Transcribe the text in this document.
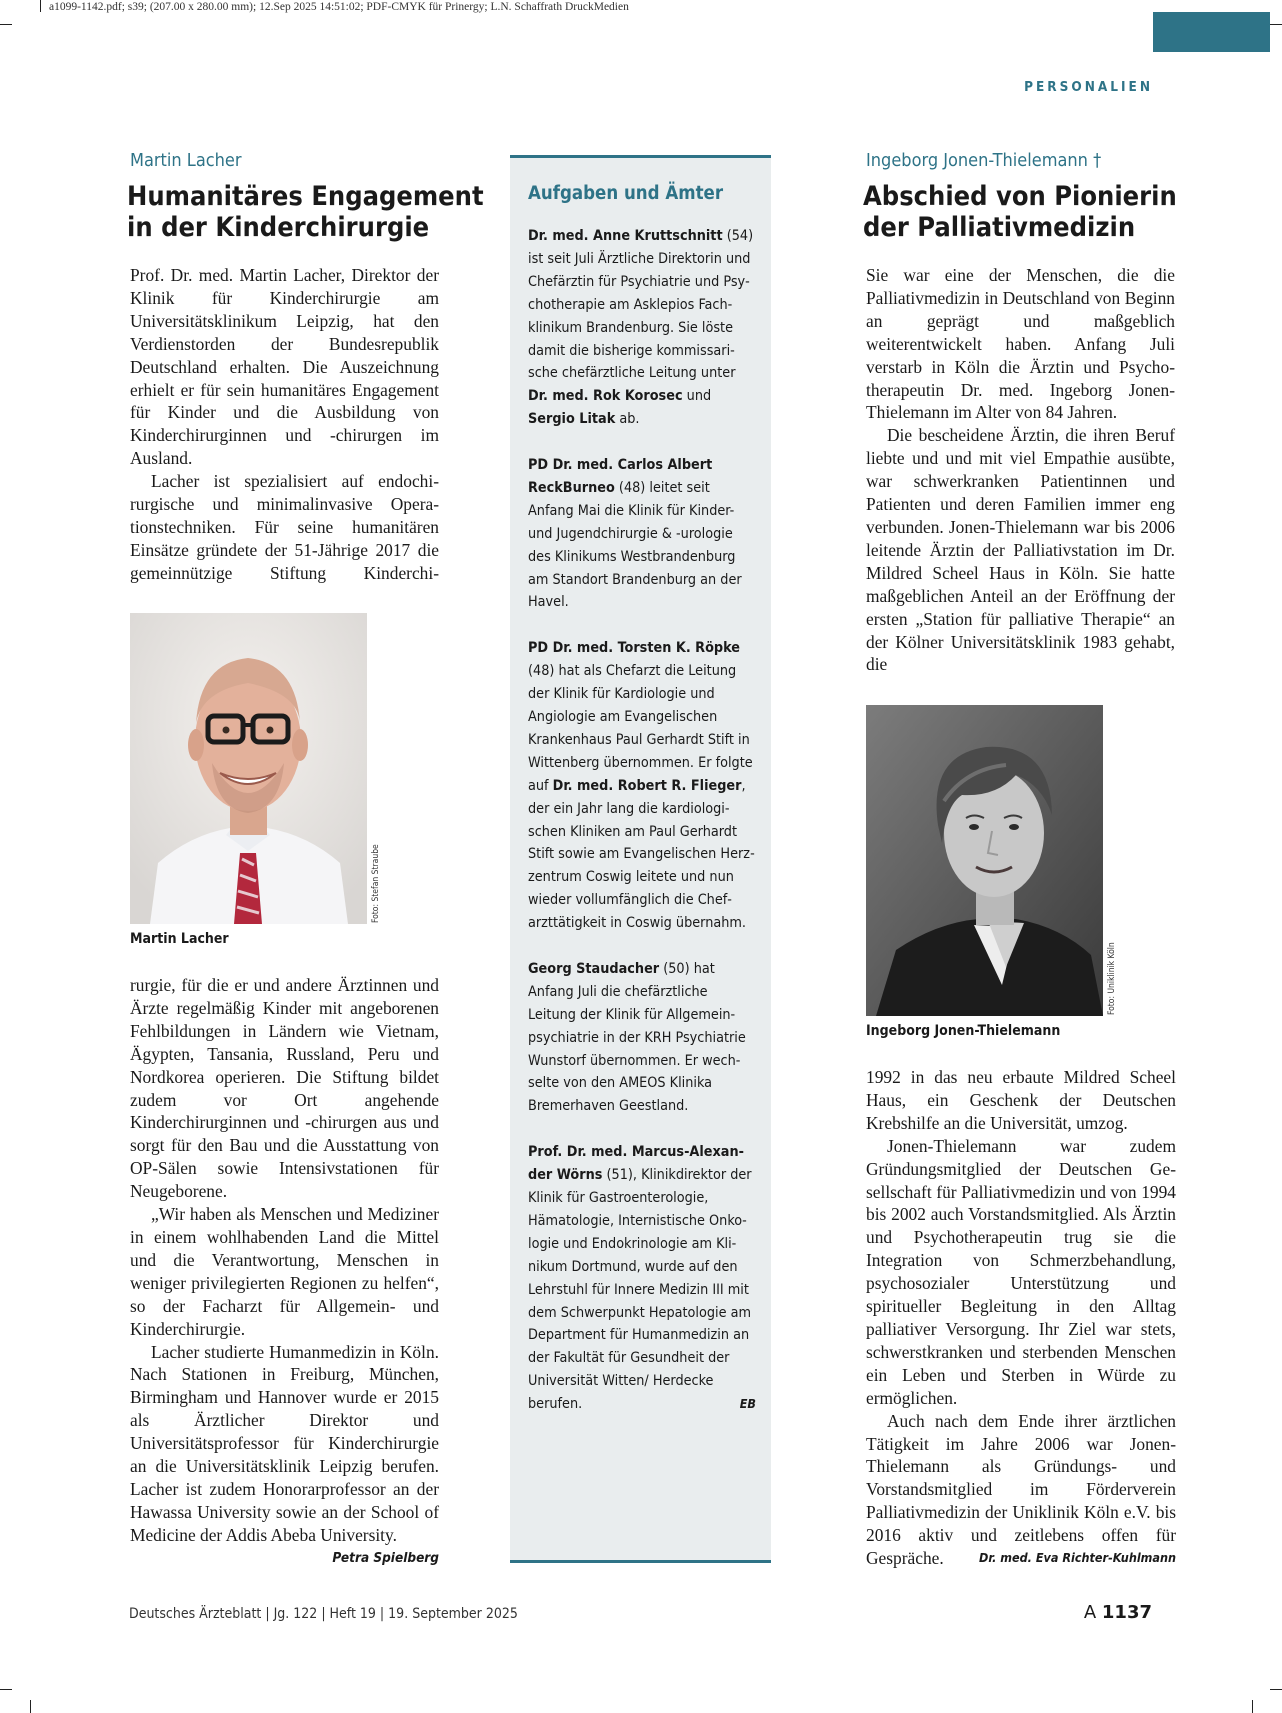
a1099-1142.pdf; s39; (207.00 x 280.00 mm); 12.Sep 2025 14:51:02; PDF-CMYK für Prinergy; L.N. Schaffrath DruckMedien
PERSONALIEN
Martin Lacher
Humanitäres Engagement
in der Kinderchirurgie

Prof. Dr. med. Martin Lacher, Direktor der Klinik für Kinderchirurgie am Universitätsklinikum Leipzig, hat den Verdienstorden der Bundesrepublik Deutschland erhalten. Die Auszeichnung erhielt er für sein humanitäres Engagement für Kinder und die Ausbildung von Kinderchirurginnen und -chirurgen im Ausland.

Lacher ist spezialisiert auf endochirurgische und minimalinvasive Operationstechniken. Für seine humanitären Einsätze gründete der 51-Jährige 2017 die gemeinnützige Stiftung Kinderchi-

Foto: Stefan Straube
Martin Lacher

rurgie, für die er und andere Ärztinnen und Ärzte regelmäßig Kinder mit angeborenen Fehlbildungen in Ländern wie Vietnam, Ägypten, Tansania, Russland, Peru und Nordkorea operieren. Die Stiftung bildet zudem vor Ort angehende Kinderchirurginnen und -chirurgen aus und sorgt für den Bau und die Ausstattung von OP-Sälen sowie Intensivstationen für Neugeborene.

„Wir haben als Menschen und Mediziner in einem wohlhabenden Land die Mittel und die Verantwortung, Menschen in weniger privilegierten Regionen zu helfen“, so der Facharzt für Allgemein- und Kinderchirurgie.

Lacher studierte Humanmedizin in Köln. Nach Stationen in Freiburg, München, Birmingham und Hannover wurde er 2015 als Ärztlicher Direktor und Universitätsprofessor für Kinderchirurgie an die Universitätsklinik Leipzig berufen. Lacher ist zudem Honorarprofessor an der Hawassa University sowie an der School of Medicine der Addis Abeba University.
Petra Spielberg

Aufgaben und Ämter

Dr. med. Anne Kruttschnitt (54) ist seit Juli Ärztliche Direktorin und Chefärztin für Psychiatrie und Psychotherapie am Asklepios Fachklinikum Brandenburg. Sie löste damit die bisherige kommissarische chefärztliche Leitung unter Dr. med. Rok Korosec und Sergio Litak ab.

PD Dr. med. Carlos Albert ReckBurneo (48) leitet seit Anfang Mai die Klinik für Kinder- und Jugendchirurgie & -urologie des Klinikums Westbrandenburg am Standort Brandenburg an der Havel.

PD Dr. med. Torsten K. Röpke (48) hat als Chefarzt die Leitung der Klinik für Kardiologie und Angiologie am Evangelischen Krankenhaus Paul Gerhardt Stift in Wittenberg übernommen. Er folgte auf Dr. med. Robert R. Flieger, der ein Jahr lang die kardiologischen Kliniken am Paul Gerhardt Stift sowie am Evangelischen Herzzentrum Coswig leitete und nun wieder vollumfänglich die Chefarzttätigkeit in Coswig übernahm.

Georg Staudacher (50) hat Anfang Juli die chefärztliche Leitung der Klinik für Allgemeinpsychiatrie in der KRH Psychiatrie Wunstorf übernommen. Er wechselte von den AMEOS Klinika Bremerhaven Geestland.

Prof. Dr. med. Marcus-Alexander Wörns (51), Klinikdirektor der Klinik für Gastroenterologie, Hämatologie, Internistische Onkologie und Endokrinologie am Klinikum Dortmund, wurde auf den Lehrstuhl für Innere Medizin III mit dem Schwerpunkt Hepatologie am Department für Humanmedizin an der Fakultät für Gesundheit der Universität Witten/ Herdecke berufen.	EB

Ingeborg Jonen-Thielemann †
Abschied von Pionierin
der Palliativmedizin

Sie war eine der Menschen, die die Palliativmedizin in Deutschland von Beginn an geprägt und maßgeblich weiterentwickelt haben. Anfang Juli verstarb in Köln die Ärztin und Psychotherapeutin Dr. med. Ingeborg Jonen-Thielemann im Alter von 84 Jahren.

Die bescheidene Ärztin, die ihren Beruf liebte und und mit viel Empathie ausübte, war schwerkranken Patientinnen und Patienten und deren Familien immer eng verbunden. Jonen-Thielemann war bis 2006 leitende Ärztin der Palliativstation im Dr. Mildred Scheel Haus in Köln. Sie hatte maßgeblichen Anteil an der Eröffnung der ersten „Station für palliative Therapie“ an der Kölner Universitätsklinik 1983 gehabt, die

Foto: Uniklinik Köln
Ingeborg Jonen-Thielemann

1992 in das neu erbaute Mildred Scheel Haus, ein Geschenk der Deutschen Krebshilfe an die Universität, umzog.

Jonen-Thielemann war zudem Gründungsmitglied der Deutschen Gesellschaft für Palliativmedizin und von 1994 bis 2002 auch Vorstandsmitglied. Als Ärztin und Psychotherapeutin trug sie die Integration von Schmerzbehandlung, psychosozialer Unterstützung und spiritueller Begleitung in den Alltag palliativer Versorgung. Ihr Ziel war stets, schwerstkranken und sterbenden Menschen ein Leben und Sterben in Würde zu ermöglichen.

Auch nach dem Ende ihrer ärztlichen Tätigkeit im Jahre 2006 war Jonen-Thielemann als Gründungs- und Vorstandsmitglied im Förderverein Palliativmedizin der Uniklinik Köln e.V. bis 2016 aktiv und zeitlebens offen für Gespräche.	Dr. med. Eva Richter-Kuhlmann

Deutsches Ärzteblatt | Jg. 122 | Heft 19 | 19. September 2025	A 1137
